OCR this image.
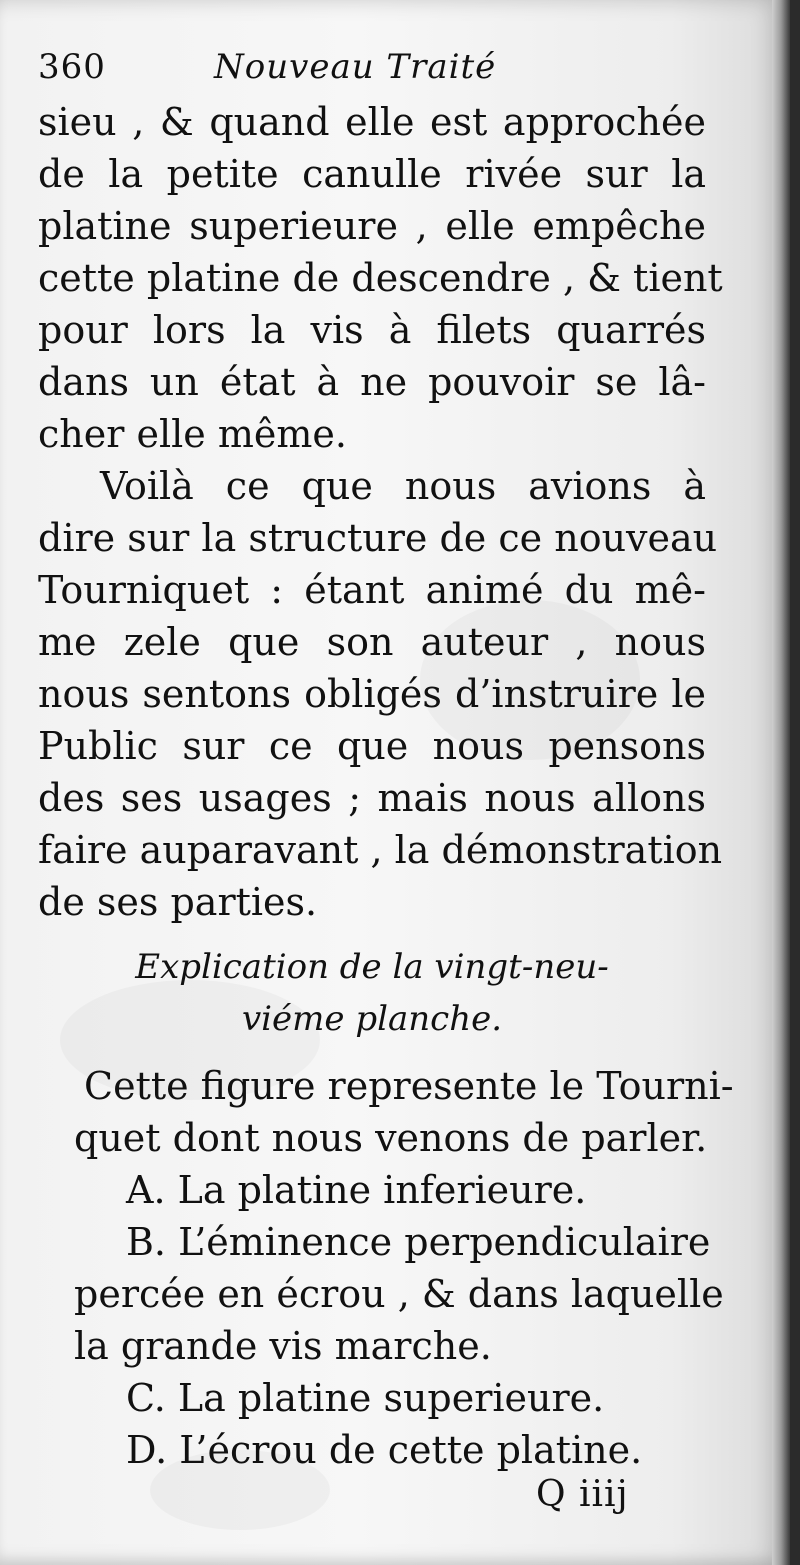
360	Nouveau Traité
sieu , & quand elle est approchée
de la petite canulle rivée sur la
platine superieure , elle empêche
cette platine de descendre , & tient
pour lors la vis à filets quarrés
dans un état à ne pouvoir se lâ-
cher elle même.
Voilà ce que nous avions à
dire sur la structure de ce nouveau
Tourniquet : étant animé du mê-
me zele que son auteur , nous
nous sentons obligés d’instruire le
Public sur ce que nous pensons
des ses usages ; mais nous allons
faire auparavant , la démonstration
de ses parties.
Explication de la vingt-neu-
viéme planche.
Cette figure represente le Tourni-
quet dont nous venons de parler.
A. La platine inferieure.
B. L’éminence perpendiculaire
percée en écrou , & dans laquelle
la grande vis marche.
C. La platine superieure.
D. L’écrou de cette platine.
Q iiij
